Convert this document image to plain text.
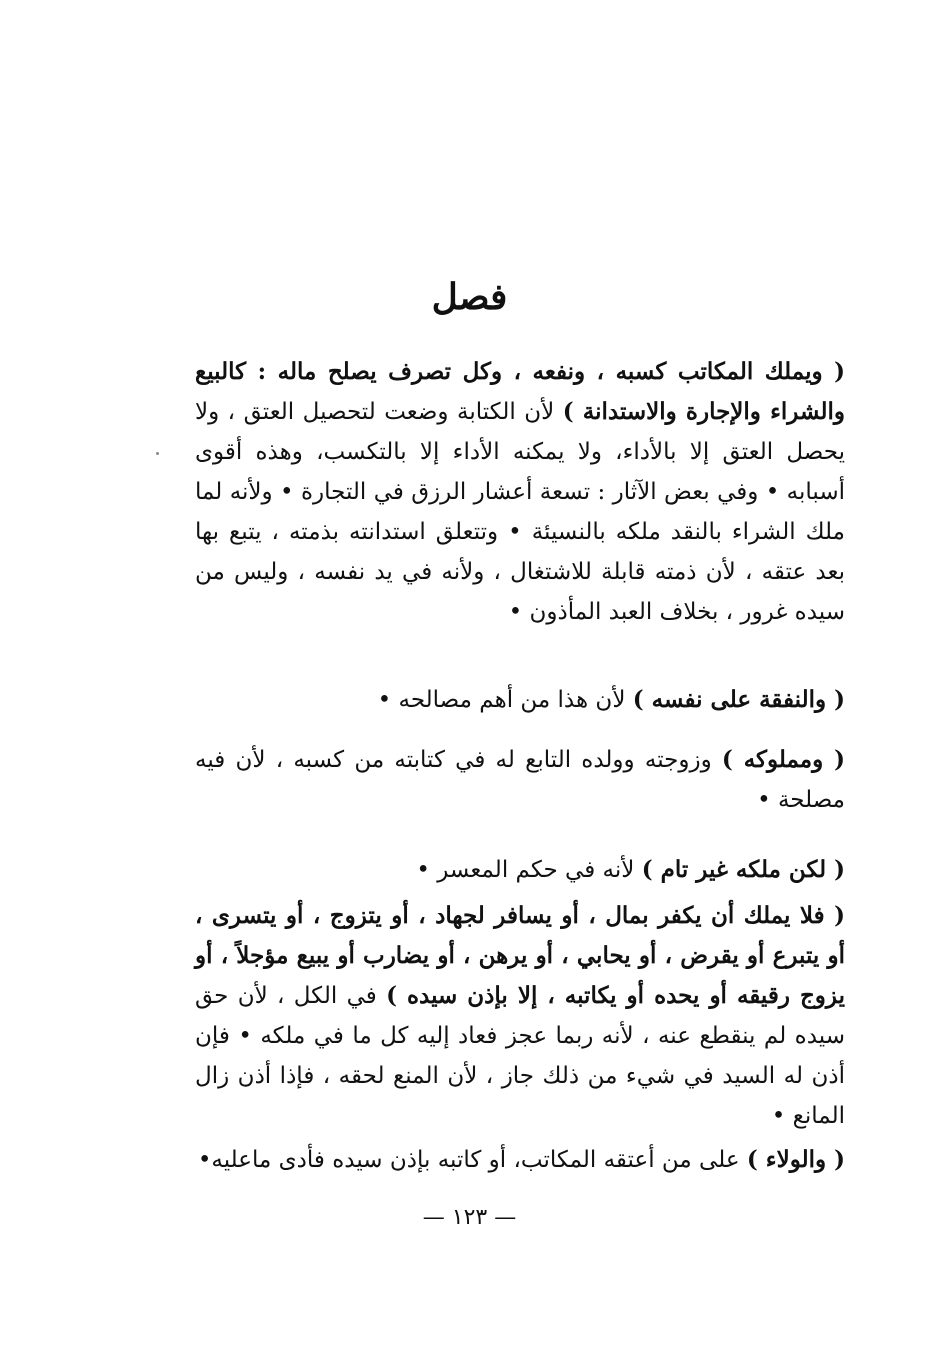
فصل
( ويملك المكاتب كسبه ، ونفعه ، وكل تصرف يصلح ماله : كالبيع والشراء والإجارة والاستدانة ) لأن الكتابة وضعت لتحصيل العتق ، ولا يحصل العتق إلا بالأداء، ولا يمكنه الأداء إلا بالتكسب، وهذه أقوى أسبابه • وفي بعض الآثار : تسعة أعشار الرزق في التجارة • ولأنه لما ملك الشراء بالنقد ملكه بالنسيئة • وتتعلق استدانته بذمته ، يتبع بها بعد عتقه ، لأن ذمته قابلة للاشتغال ، ولأنه في يد نفسه ، وليس من سيده غرور ، بخلاف العبد المأذون •
( والنفقة على نفسه ) لأن هذا من أهم مصالحه •
( ومملوكه ) وزوجته وولده التابع له في كتابته من كسبه ، لأن فيه مصلحة •
( لكن ملكه غير تام ) لأنه في حكم المعسر •
( فلا يملك أن يكفر بمال ، أو يسافر لجهاد ، أو يتزوج ، أو يتسرى ، أو يتبرع أو يقرض ، أو يحابي ، أو يرهن ، أو يضارب أو يبيع مؤجلاً ، أو يزوج رقيقه أو يحده أو يكاتبه ، إلا بإذن سيده ) في الكل ، لأن حق سيده لم ينقطع عنه ، لأنه ربما عجز فعاد إليه كل ما في ملكه • فإن أذن له السيد في شيء من ذلك جاز ، لأن المنع لحقه ، فإذا أذن زال المانع •
( والولاء ) على من أعتقه المكاتب، أو كاتبه بإذن سيده فأدى ماعليه•
— ١٢٣ —
